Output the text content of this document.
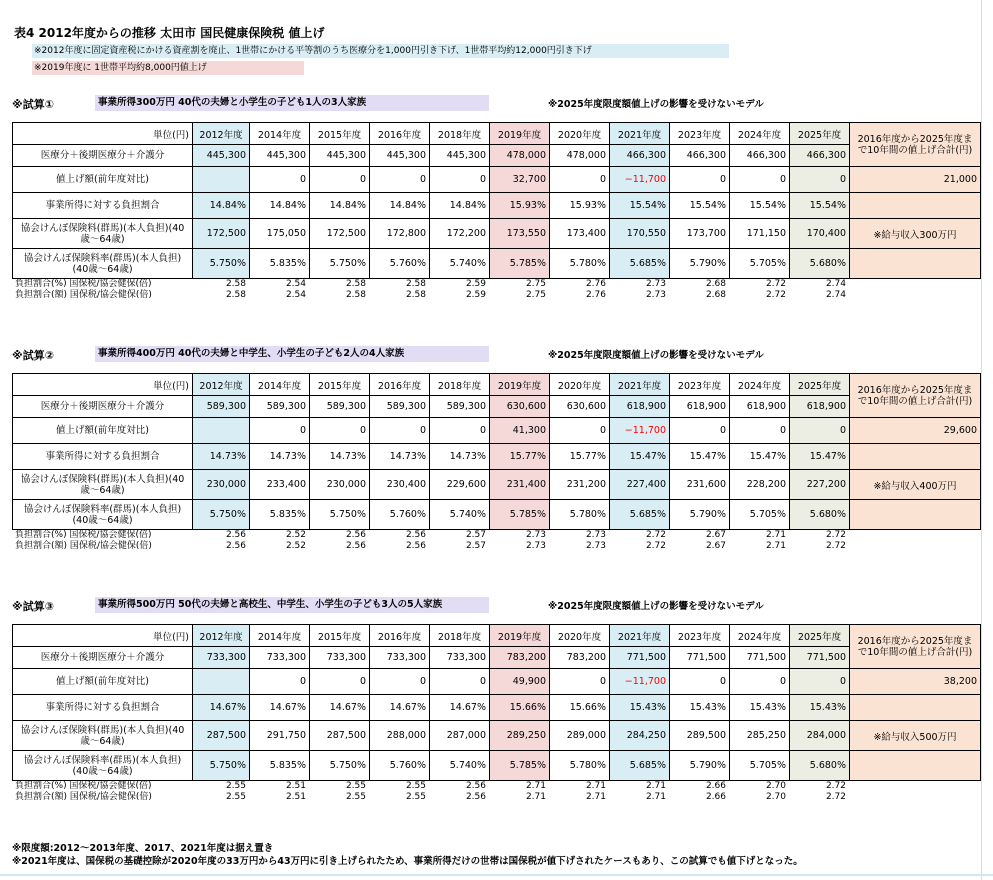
表4 2012年度からの推移 太田市 国民健康保険税 値上げ
※2012年度に固定資産税にかける資産割を廃止、1世帯にかける平等割のうち医療分を1,000円引き下げ、1世帯平均約12,000円引き下げ
※2019年度に 1世帯平均約8,000円値上げ
※試算①	事業所得300万円 40代の夫婦と小学生の子ども1人の3人家族	※2025年度限度額値上げの影響を受けないモデル
単位(円)	2012年度	2014年度	2015年度	2016年度	2018年度	2019年度	2020年度	2021年度	2023年度	2024年度	2025年度	2016年度から2025年度まで10年間の値上げ合計(円)
医療分＋後期医療分＋介護分	445,300	445,300	445,300	445,300	445,300	478,000	478,000	466,300	466,300	466,300	466,300	
値上げ額(前年度対比)		0	0	0	0	32,700	0	−11,700	0	0	0	21,000
事業所得に対する負担割合	14.84%	14.84%	14.84%	14.84%	14.84%	15.93%	15.93%	15.54%	15.54%	15.54%	15.54%	
協会けんぽ保険料(群馬)(本人負担)(40歳〜64歳)	172,500	175,050	172,500	172,800	172,200	173,550	173,400	170,550	173,700	171,150	170,400	※給与収入300万円
協会けんぽ保険料率(群馬)(本人負担)(40歳〜64歳)	5.750%	5.835%	5.750%	5.760%	5.740%	5.785%	5.780%	5.685%	5.790%	5.705%	5.680%	
負担割合(%) 国保税/協会健保(倍)	2.58	2.54	2.58	2.58	2.59	2.75	2.76	2.73	2.68	2.72	2.74
負担割合(額) 国保税/協会健保(倍)	2.58	2.54	2.58	2.58	2.59	2.75	2.76	2.73	2.68	2.72	2.74
※試算②	事業所得400万円 40代の夫婦と中学生、小学生の子ども2人の4人家族	※2025年度限度額値上げの影響を受けないモデル
単位(円)	2012年度	2014年度	2015年度	2016年度	2018年度	2019年度	2020年度	2021年度	2023年度	2024年度	2025年度	2016年度から2025年度まで10年間の値上げ合計(円)
医療分＋後期医療分＋介護分	589,300	589,300	589,300	589,300	589,300	630,600	630,600	618,900	618,900	618,900	618,900	
値上げ額(前年度対比)		0	0	0	0	41,300	0	−11,700	0	0	0	29,600
事業所得に対する負担割合	14.73%	14.73%	14.73%	14.73%	14.73%	15.77%	15.77%	15.47%	15.47%	15.47%	15.47%	
協会けんぽ保険料(群馬)(本人負担)(40歳〜64歳)	230,000	233,400	230,000	230,400	229,600	231,400	231,200	227,400	231,600	228,200	227,200	※給与収入400万円
協会けんぽ保険料率(群馬)(本人負担)(40歳〜64歳)	5.750%	5.835%	5.750%	5.760%	5.740%	5.785%	5.780%	5.685%	5.790%	5.705%	5.680%	
負担割合(%) 国保税/協会健保(倍)	2.56	2.52	2.56	2.56	2.57	2.73	2.73	2.72	2.67	2.71	2.72
負担割合(額) 国保税/協会健保(倍)	2.56	2.52	2.56	2.56	2.57	2.73	2.73	2.72	2.67	2.71	2.72
※試算③	事業所得500万円 50代の夫婦と高校生、中学生、小学生の子ども3人の5人家族	※2025年度限度額値上げの影響を受けないモデル
単位(円)	2012年度	2014年度	2015年度	2016年度	2018年度	2019年度	2020年度	2021年度	2023年度	2024年度	2025年度	2016年度から2025年度まで10年間の値上げ合計(円)
医療分＋後期医療分＋介護分	733,300	733,300	733,300	733,300	733,300	783,200	783,200	771,500	771,500	771,500	771,500	
値上げ額(前年度対比)		0	0	0	0	49,900	0	−11,700	0	0	0	38,200
事業所得に対する負担割合	14.67%	14.67%	14.67%	14.67%	14.67%	15.66%	15.66%	15.43%	15.43%	15.43%	15.43%	
協会けんぽ保険料(群馬)(本人負担)(40歳〜64歳)	287,500	291,750	287,500	288,000	287,000	289,250	289,000	284,250	289,500	285,250	284,000	※給与収入500万円
協会けんぽ保険料率(群馬)(本人負担)(40歳〜64歳)	5.750%	5.835%	5.750%	5.760%	5.740%	5.785%	5.780%	5.685%	5.790%	5.705%	5.680%	
負担割合(%) 国保税/協会健保(倍)	2.55	2.51	2.55	2.55	2.56	2.71	2.71	2.71	2.66	2.70	2.72
負担割合(額) 国保税/協会健保(倍)	2.55	2.51	2.55	2.55	2.56	2.71	2.71	2.71	2.66	2.70	2.72
※限度額:2012〜2013年度、2017、2021年度は据え置き
※2021年度は、国保税の基礎控除が2020年度の33万円から43万円に引き上げられたため、事業所得だけの世帯は国保税が値下げされたケースもあり、この試算でも値下げとなった。
